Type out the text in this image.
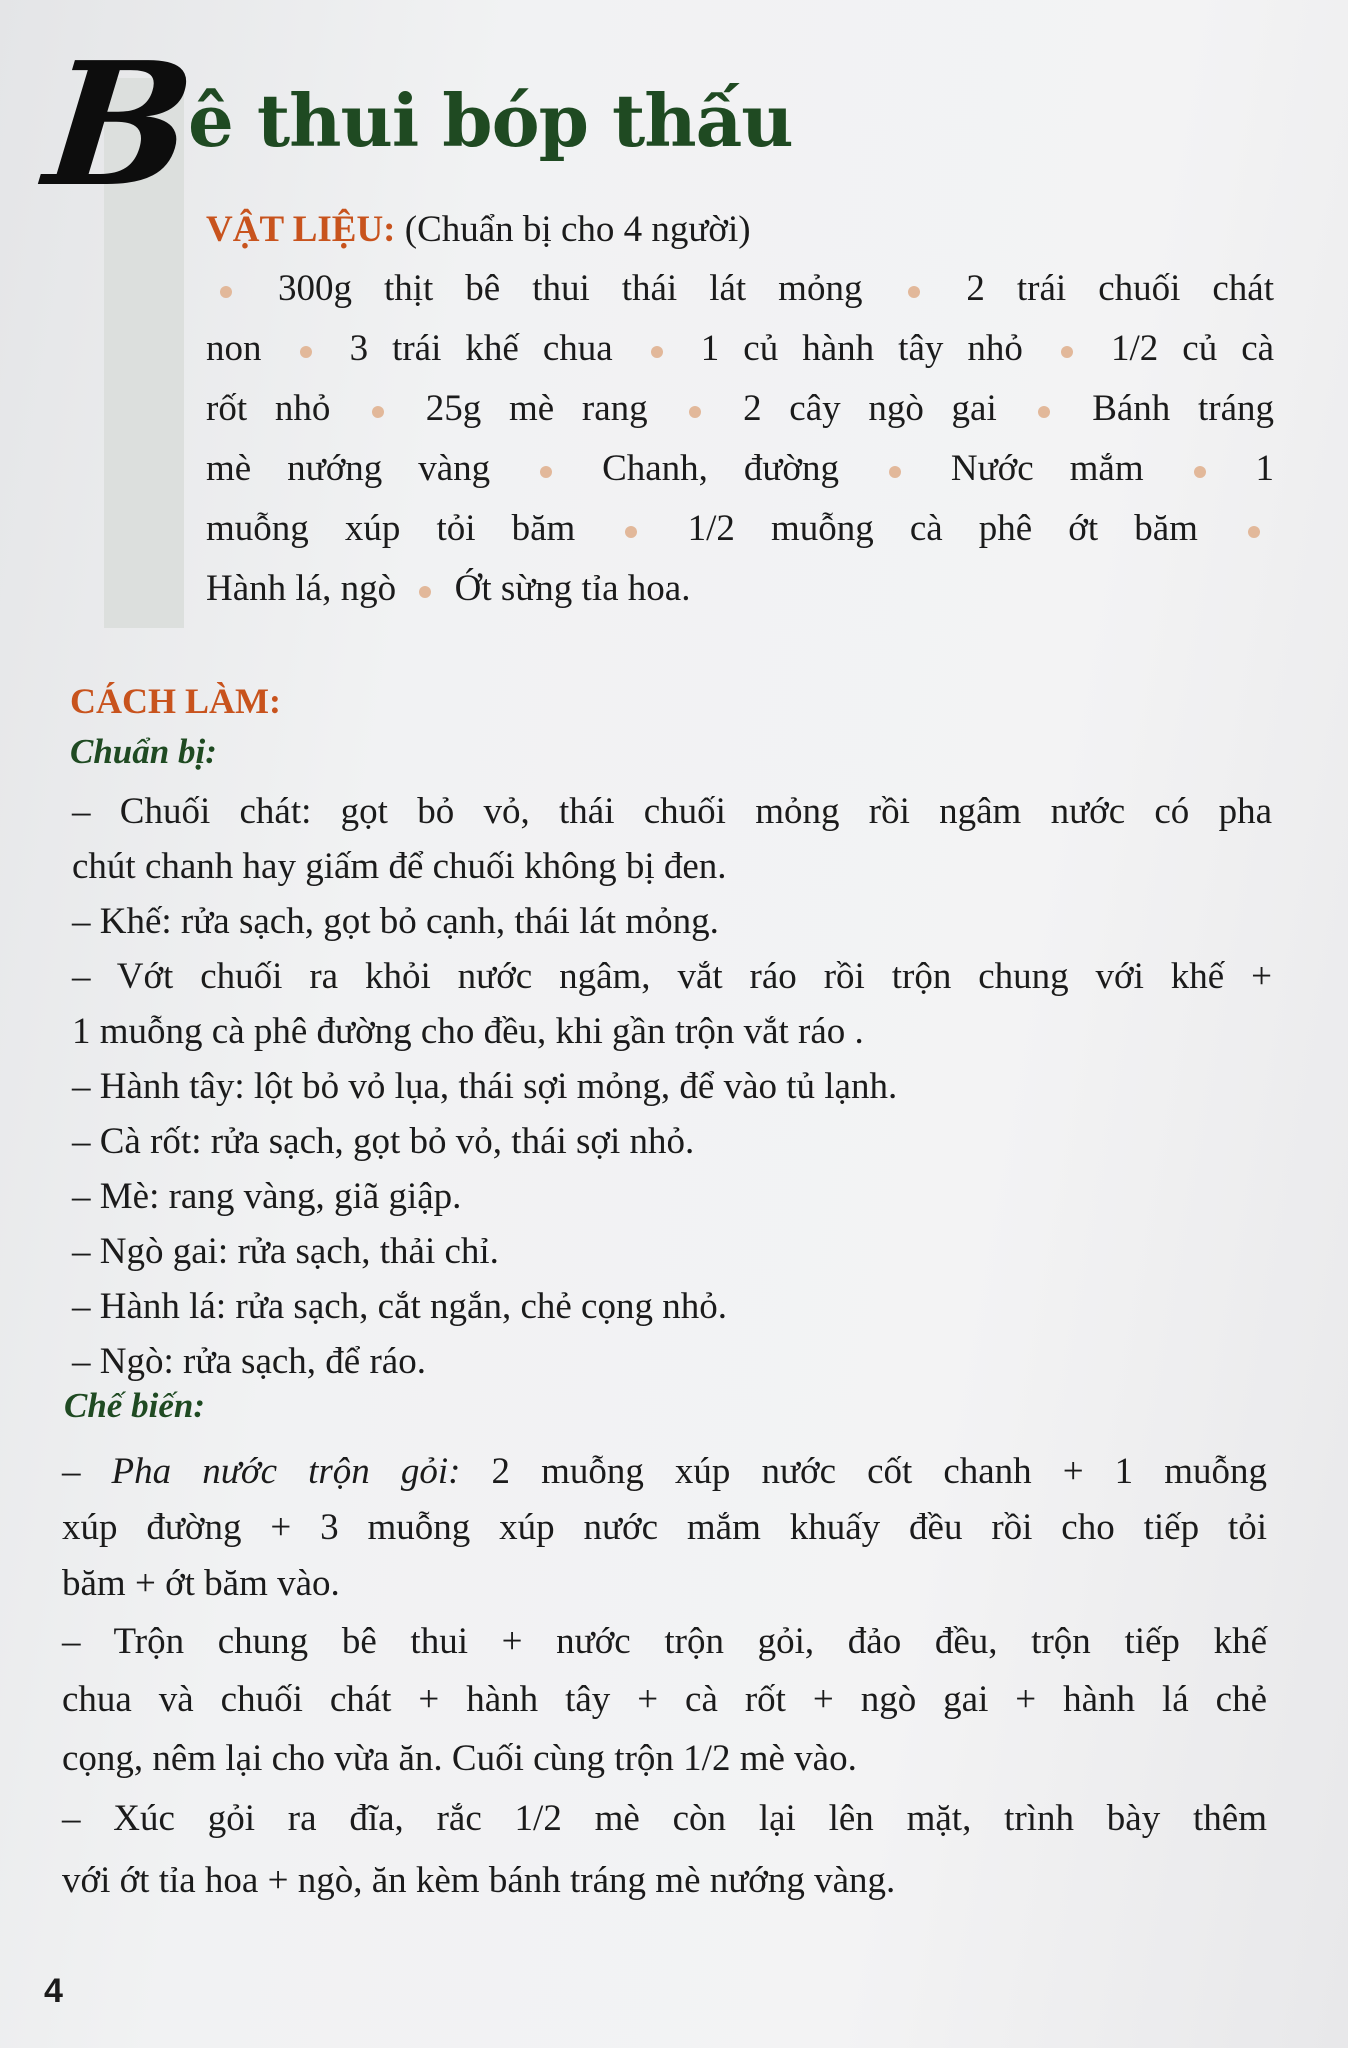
B
ê thui bóp thấu
VẬT LIỆU: (Chuẩn bị cho 4 người)
300g thịt bê thui thái lát mỏng	2 trái chuối chát
non 3 trái khế chua 1 củ hành tây nhỏ 1/2 củ cà
rốt nhỏ	25g mè rang	2 cây ngò gai	Bánh tráng
mè nướng vàng	Chanh, đường	Nước mắm	1
muỗng xúp tỏi băm	1/2 muỗng cà phê ớt băm
Hành lá, ngò Ớt sừng tỉa hoa.
CÁCH LÀM:
Chuẩn bị:
– Chuối chát: gọt bỏ vỏ, thái chuối mỏng rồi ngâm nước có pha
chút chanh hay giấm để chuối không bị đen.
– Khế: rửa sạch, gọt bỏ cạnh, thái lát mỏng.
– Vớt chuối ra khỏi nước ngâm, vắt ráo rồi trộn chung với khế +
1 muỗng cà phê đường cho đều, khi gần trộn vắt ráo .
– Hành tây: lột bỏ vỏ lụa, thái sợi mỏng, để vào tủ lạnh.
– Cà rốt: rửa sạch, gọt bỏ vỏ, thái sợi nhỏ.
– Mè: rang vàng, giã giập.
– Ngò gai: rửa sạch, thải chỉ.
– Hành lá: rửa sạch, cắt ngắn, chẻ cọng nhỏ.
– Ngò: rửa sạch, để ráo.
Chế biến:
– Pha nước trộn gỏi: 2 muỗng xúp nước cốt chanh + 1 muỗng
xúp đường + 3 muỗng xúp nước mắm khuấy đều rồi cho tiếp tỏi
băm + ớt băm vào.
– Trộn chung bê thui + nước trộn gỏi, đảo đều, trộn tiếp khế
chua và chuối chát + hành tây + cà rốt + ngò gai + hành lá chẻ
cọng, nêm lại cho vừa ăn. Cuối cùng trộn 1/2 mè vào.
– Xúc gỏi ra đĩa, rắc 1/2 mè còn lại lên mặt, trình bày thêm
với ớt tỉa hoa + ngò, ăn kèm bánh tráng mè nướng vàng.
4
